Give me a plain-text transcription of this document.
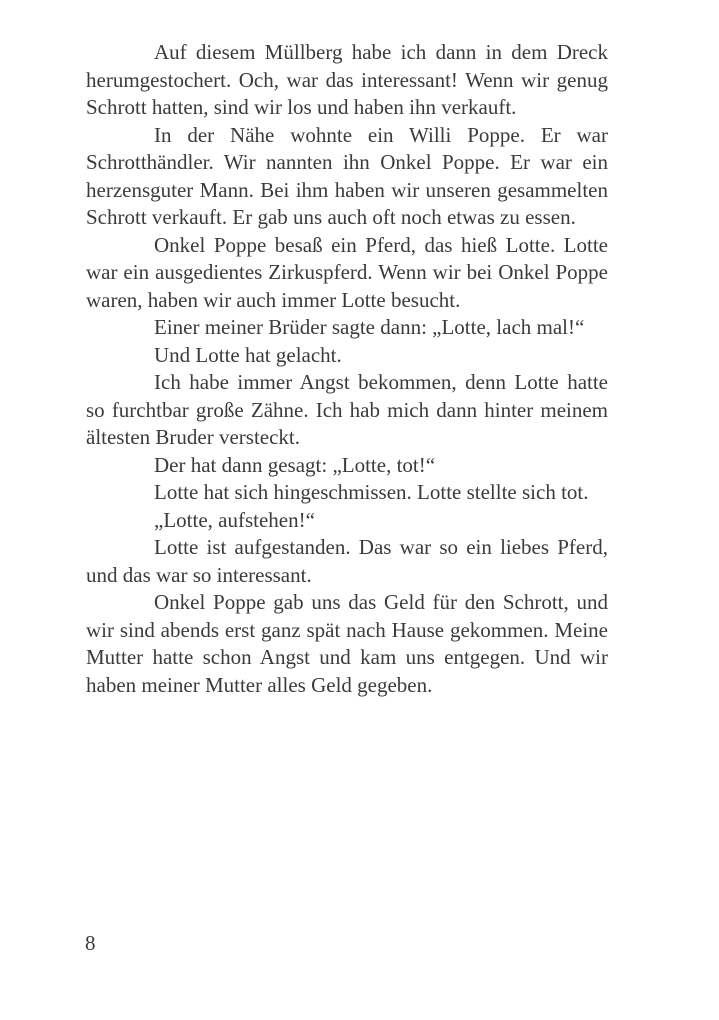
Auf diesem Müllberg habe ich dann in dem Dreck herumgestochert. Och, war das interessant! Wenn wir genug Schrott hatten, sind wir los und haben ihn verkauft.

In der Nähe wohnte ein Willi Poppe. Er war Schrotthändler. Wir nannten ihn Onkel Poppe. Er war ein herzensguter Mann. Bei ihm haben wir unseren gesammelten Schrott verkauft. Er gab uns auch oft noch etwas zu essen.

Onkel Poppe besaß ein Pferd, das hieß Lotte. Lotte war ein ausgedientes Zirkuspferd. Wenn wir bei Onkel Poppe waren, haben wir auch immer Lotte besucht.

Einer meiner Brüder sagte dann: „Lotte, lach mal!“

Und Lotte hat gelacht.

Ich habe immer Angst bekommen, denn Lotte hatte so furchtbar große Zähne. Ich hab mich dann hinter meinem ältesten Bruder versteckt.

Der hat dann gesagt: „Lotte, tot!“

Lotte hat sich hingeschmissen. Lotte stellte sich tot.

„Lotte, aufstehen!“

Lotte ist aufgestanden. Das war so ein liebes Pferd, und das war so interessant.

Onkel Poppe gab uns das Geld für den Schrott, und wir sind abends erst ganz spät nach Hause gekommen. Meine Mutter hatte schon Angst und kam uns entgegen. Und wir haben meiner Mutter alles Geld gegeben.

8
